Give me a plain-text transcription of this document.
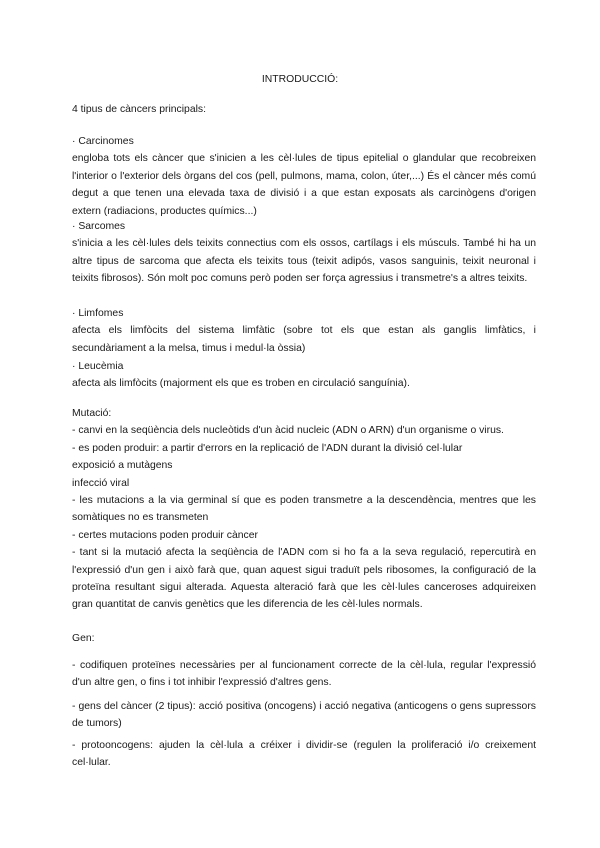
INTRODUCCIÓ:

4 tipus de càncers principals:

· Carcinomes

engloba tots els càncer que s'inicien a les cèl·lules de tipus epitelial o glandular que recobreixen l'interior o l'exterior dels òrgans del cos (pell, pulmons, mama, colon, úter,...) És el càncer més comú degut a que tenen una elevada taxa de divisió i a que estan exposats als carcinògens d'origen extern (radiacions, productes químics...)

· Sarcomes

s'inicia a les cèl·lules dels teixits connectius com els ossos, cartílags i els músculs. També hi ha un altre tipus de sarcoma que afecta els teixits tous (teixit adipós, vasos sanguinis, teixit neuronal i teixits fibrosos). Són molt poc comuns però poden ser força agressius i transmetre's a altres teixits.

· Limfomes

afecta els limfòcits del sistema limfàtic (sobre tot els que estan als ganglis limfàtics, i secundàriament a la melsa, timus i medul·la òssia)

· Leucèmia

afecta als limfòcits (majorment els que es troben en circulació sanguínia).

Mutació:

- canvi en la seqüència dels nucleòtids d'un àcid nucleic (ADN o ARN) d'un organisme o virus.

- es poden produir: a partir d'errors en la replicació de l'ADN durant la divisió cel·lular

exposició a mutàgens
infecció viral

- les mutacions a la via germinal sí que es poden transmetre a la descendència, mentres que les somàtiques no es transmeten

- certes mutacions poden produir càncer

- tant si la mutació afecta la seqüència de l'ADN com si ho fa a la seva regulació, repercutirà en l'expressió d'un gen i això farà que, quan aquest sigui traduït pels ribosomes, la configuració de la proteïna resultant sigui alterada. Aquesta alteració farà que les cèl·lules canceroses adquireixen gran quantitat de canvis genètics que les diferencia de les cèl·lules normals.

Gen:

- codifiquen proteïnes necessàries per al funcionament correcte de la cèl·lula, regular l'expressió d'un altre gen, o fins i tot inhibir l'expressió d'altres gens.

- gens del càncer (2 tipus): acció positiva (oncogens) i acció negativa (anticogens o gens supressors de tumors)

- protooncogens: ajuden la cèl·lula a créixer i dividir-se (regulen la proliferació i/o creixement cel·lular.
